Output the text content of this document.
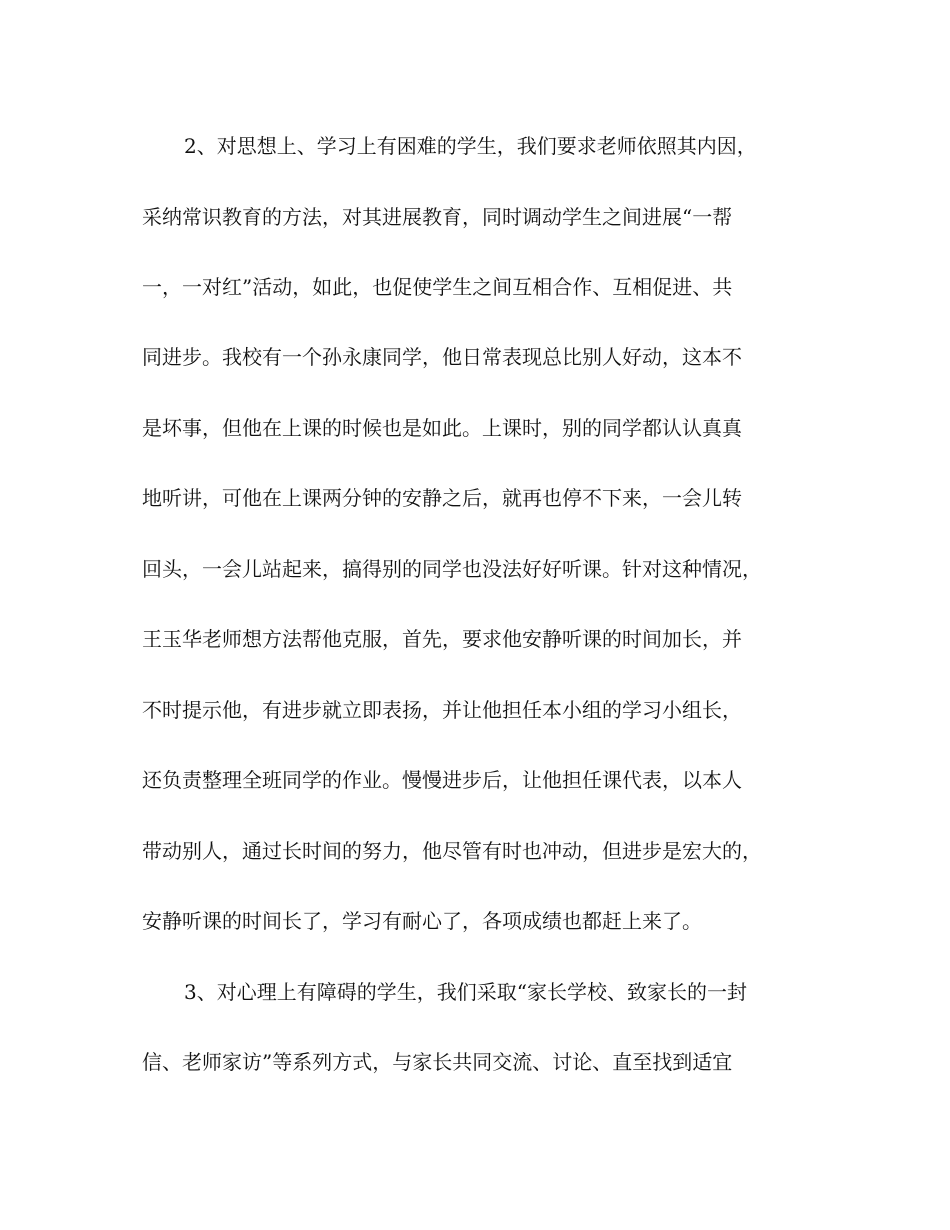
2、对思想上、学习上有困难的学生，我们要求老师依照其内因，

采纳常识教育的方法，对其进展教育，同时调动学生之间进展“一帮

一，一对红”活动，如此，也促使学生之间互相合作、互相促进、共

同进步。我校有一个孙永康同学，他日常表现总比别人好动，这本不

是坏事，但他在上课的时候也是如此。上课时，别的同学都认认真真

地听讲，可他在上课两分钟的安静之后，就再也停不下来，一会儿转

回头，一会儿站起来，搞得别的同学也没法好好听课。针对这种情况，

王玉华老师想方法帮他克服，首先，要求他安静听课的时间加长，并

不时提示他，有进步就立即表扬，并让他担任本小组的学习小组长，

还负责整理全班同学的作业。慢慢进步后，让他担任课代表，以本人

带动别人，通过长时间的努力，他尽管有时也冲动，但进步是宏大的，

安静听课的时间长了，学习有耐心了，各项成绩也都赶上来了。

3、对心理上有障碍的学生，我们采取“家长学校、致家长的一封

信、老师家访”等系列方式，与家长共同交流、讨论、直至找到适宜
